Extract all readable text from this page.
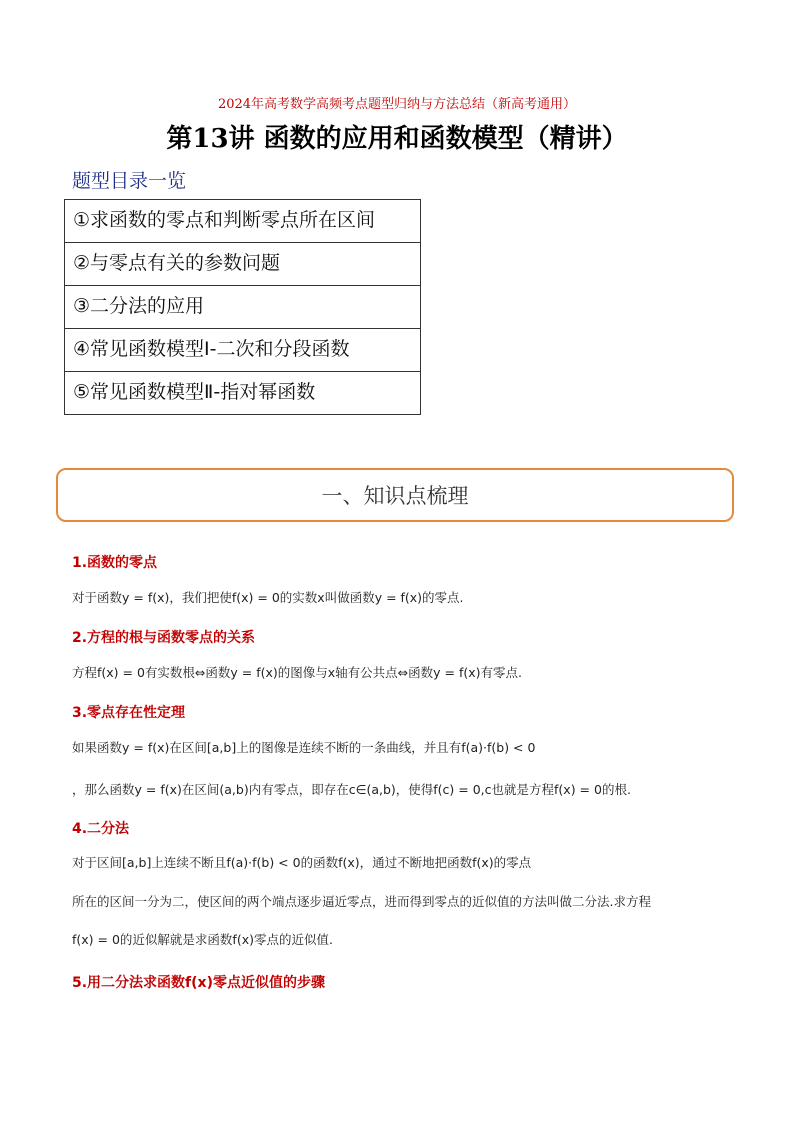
2024年高考数学高频考点题型归纳与方法总结（新高考通用）
第13讲 函数的应用和函数模型（精讲）
题型目录一览
①求函数的零点和判断零点所在区间
②与零点有关的参数问题
③二分法的应用
④常见函数模型Ⅰ-二次和分段函数
⑤常见函数模型Ⅱ-指对幂函数
一、知识点梳理
1.函数的零点
对于函数y = f(x)，我们把使f(x) = 0的实数x叫做函数y = f(x)的零点.
2.方程的根与函数零点的关系
方程f(x) = 0有实数根⇔函数y = f(x)的图像与x轴有公共点⇔函数y = f(x)有零点.
3.零点存在性定理
如果函数y = f(x)在区间[a,b]上的图像是连续不断的一条曲线，并且有f(a)·f(b) < 0
，那么函数y = f(x)在区间(a,b)内有零点，即存在c∈(a,b)，使得f(c) = 0,c也就是方程f(x) = 0的根.
4.二分法
对于区间[a,b]上连续不断且f(a)·f(b) < 0的函数f(x)，通过不断地把函数f(x)的零点
所在的区间一分为二，使区间的两个端点逐步逼近零点，进而得到零点的近似值的方法叫做二分法.求方程
f(x) = 0的近似解就是求函数f(x)零点的近似值.
5.用二分法求函数f(x)零点近似值的步骤
